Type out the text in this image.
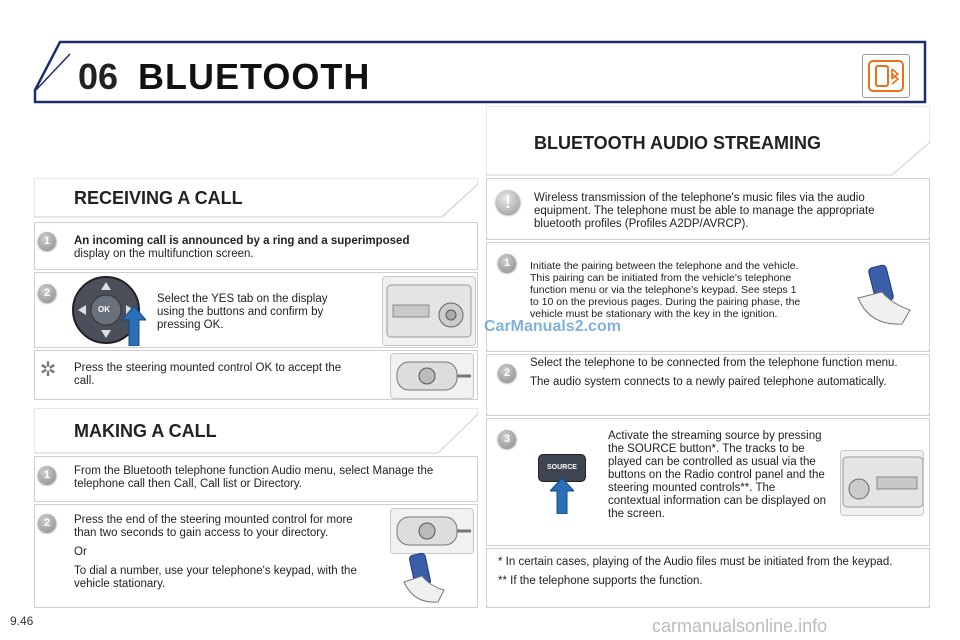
06 BLUETOOTH
RECEIVING A CALL
1	An incoming call is announced by a ring and a superimposed
display on the multifunction screen.
2
OK
Select the YES tab on the display using the buttons and confirm by pressing OK.
✲ Press the steering mounted control OK to accept the call.
MAKING A CALL
1	From the Bluetooth telephone function Audio menu, select Manage the telephone call then Call, Call list or Directory.
2	Press the end of the steering mounted control for more than two seconds to gain access to your directory.

Or

To dial a number, use your telephone's keypad, with the vehicle stationary.

BLUETOOTH AUDIO STREAMING
!	Wireless transmission of the telephone's music files via the audio equipment. The telephone must be able to manage the appropriate bluetooth profiles (Profiles A2DP/AVRCP).
1	Initiate the pairing between the telephone and the vehicle. This pairing can be initiated from the vehicle's telephone function menu or via the telephone's keypad. See steps 1 to 10 on the previous pages. During the pairing phase, the vehicle must be stationary with the key in the ignition.
CarManuals2.com
2

Select the telephone to be connected from the telephone function menu.

The audio system connects to a newly paired telephone automatically.

3
SOURCE
Activate the streaming source by pressing the SOURCE button*. The tracks to be played can be controlled as usual via the buttons on the Radio control panel and the steering mounted controls**. The contextual information can be displayed on the screen.

* In certain cases, playing of the Audio files must be initiated from the keypad.

** If the telephone supports the function.

9.46	carmanualsonline.info
